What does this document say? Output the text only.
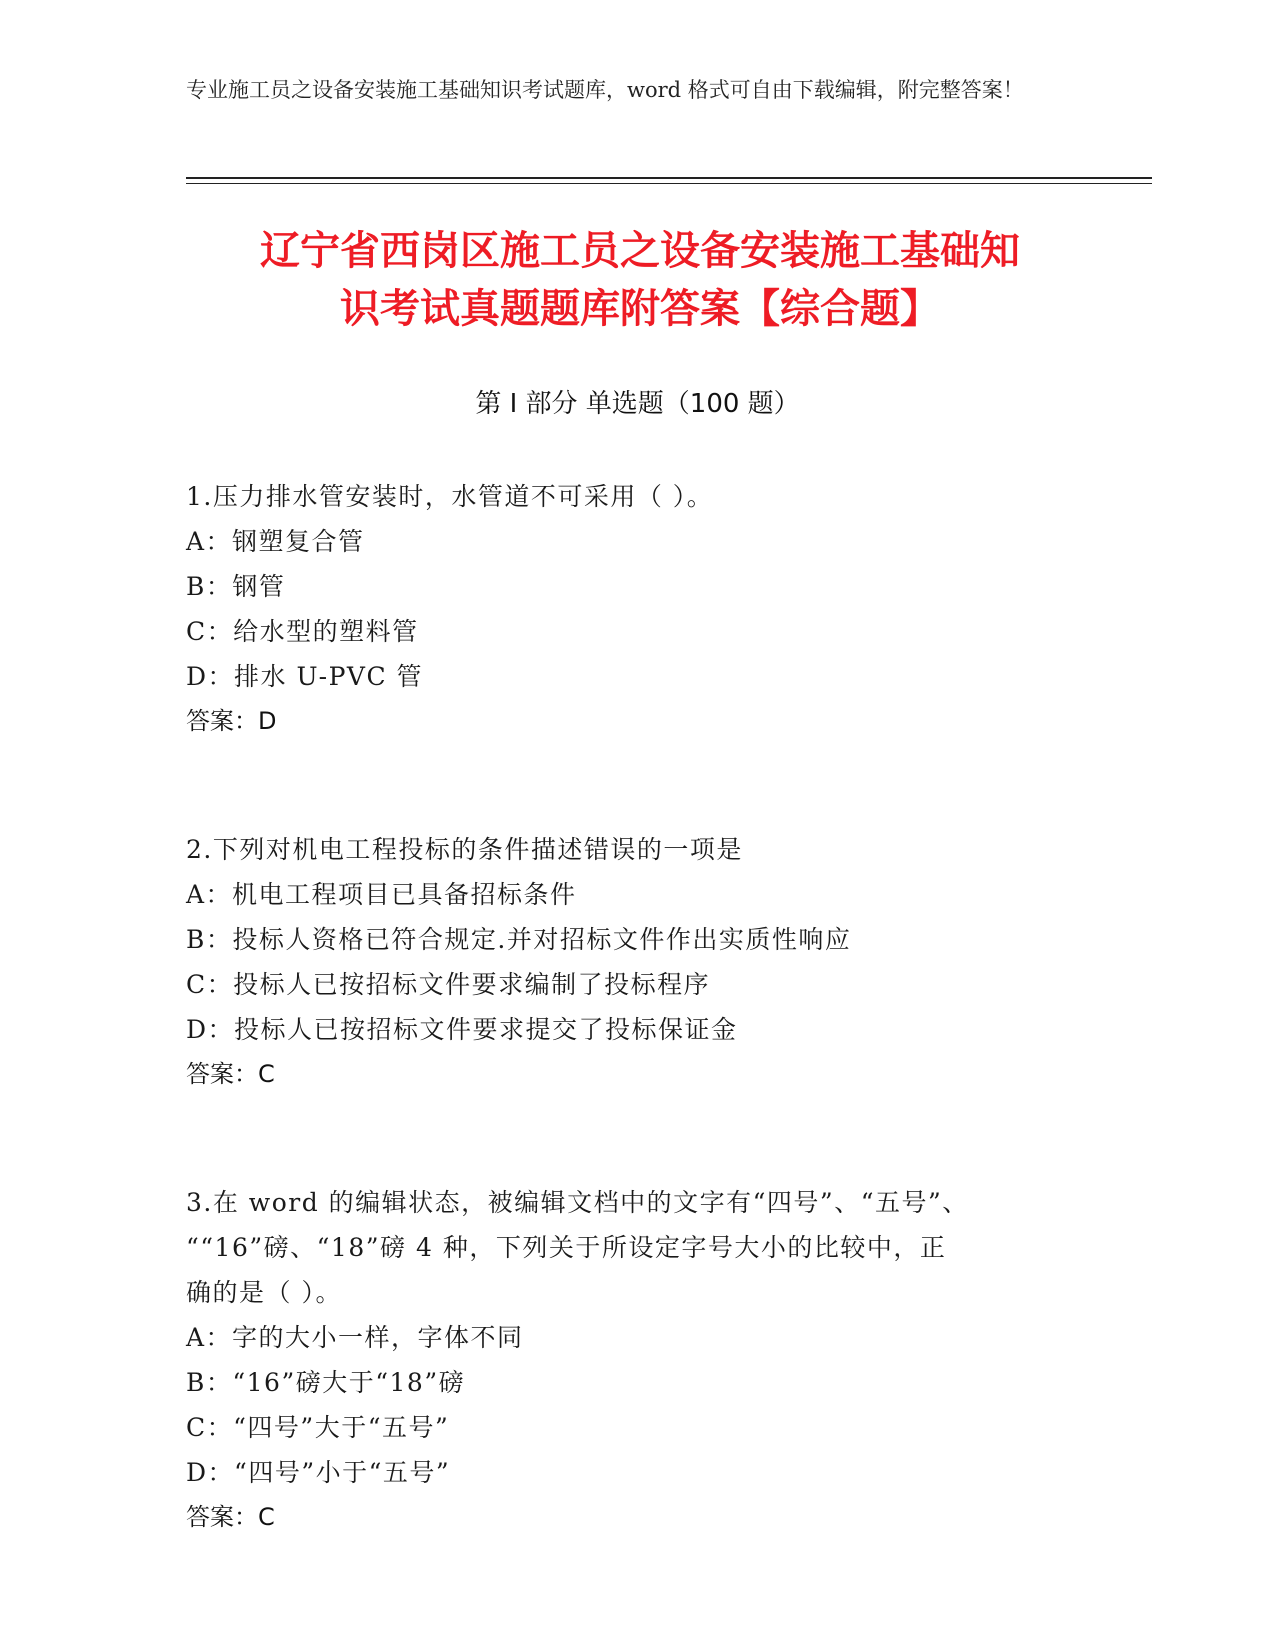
专业施工员之设备安装施工基础知识考试题库，word 格式可自由下载编辑，附完整答案！
辽宁省西岗区施工员之设备安装施工基础知
识考试真题题库附答案【综合题】
第 I 部分 单选题（100 题）
1.压力排水管安装时，水管道不可采用（ ）。
A：钢塑复合管
B：钢管
C：给水型的塑料管
D：排水 U-PVC 管
答案：D
2.下列对机电工程投标的条件描述错误的一项是
A：机电工程项目已具备招标条件
B：投标人资格已符合规定.并对招标文件作出实质性响应
C：投标人已按招标文件要求编制了投标程序
D：投标人已按招标文件要求提交了投标保证金
答案：C
3.在 word 的编辑状态，被编辑文档中的文字有“四号”、“五号”、
““16”磅、“18”磅 4 种，下列关于所设定字号大小的比较中，正
确的是（ ）。
A：字的大小一样，字体不同
B：“16”磅大于“18”磅
C：“四号”大于“五号”
D：“四号”小于“五号”
答案：C
